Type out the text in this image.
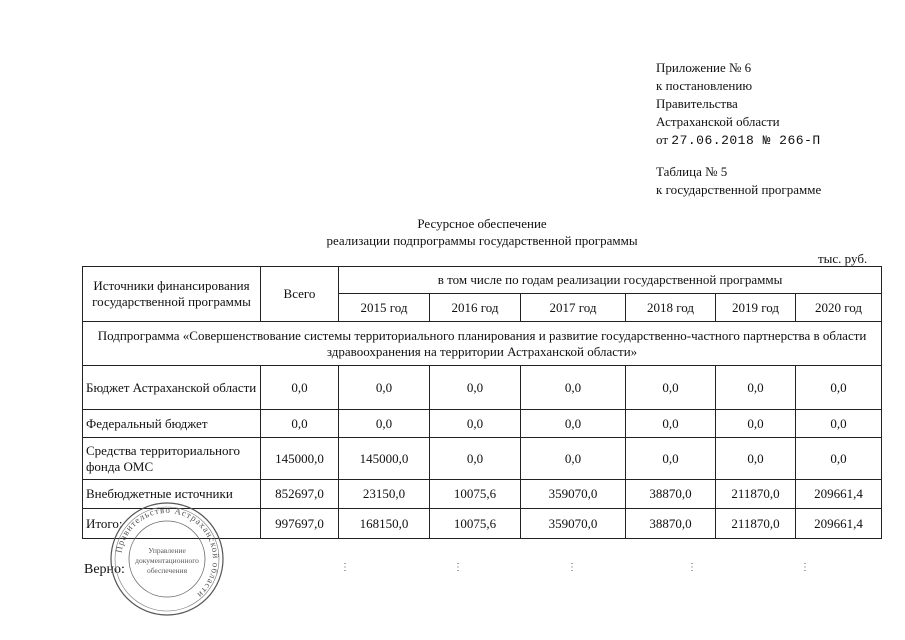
Приложение № 6
к постановлению
Правительства
Астраханской области
от 27.06.2018 № 266-П
Таблица № 5
к государственной программе
Ресурсное обеспечение
реализации подпрограммы государственной программы
тыс. руб.
Источники финансирования государственной программы	Всего	в том числе по годам реализации государственной программы					
		2015 год	2016 год	2017 год	2018 год	2019 год	2020 год
Подпрограмма «Совершенствование системы территориального планирования и развитие государственно-частного партнерства в области здравоохранения на территории Астраханской области»							
Бюджет Астраханской области	0,0	0,0	0,0	0,0	0,0	0,0	0,0
Федеральный бюджет	0,0	0,0	0,0	0,0	0,0	0,0	0,0
Средства территориального фонда ОМС	145000,0	145000,0	0,0	0,0	0,0	0,0	0,0
Внебюджетные источники	852697,0	23150,0	10075,6	359070,0	38870,0	211870,0	209661,4
Итого:	997697,0	168150,0	10075,6	359070,0	38870,0	211870,0	209661,4
Верно:	⋮	⋮	⋮	⋮	⋮
Правительство Астраханской области
Управление
документационного
обеспечения
